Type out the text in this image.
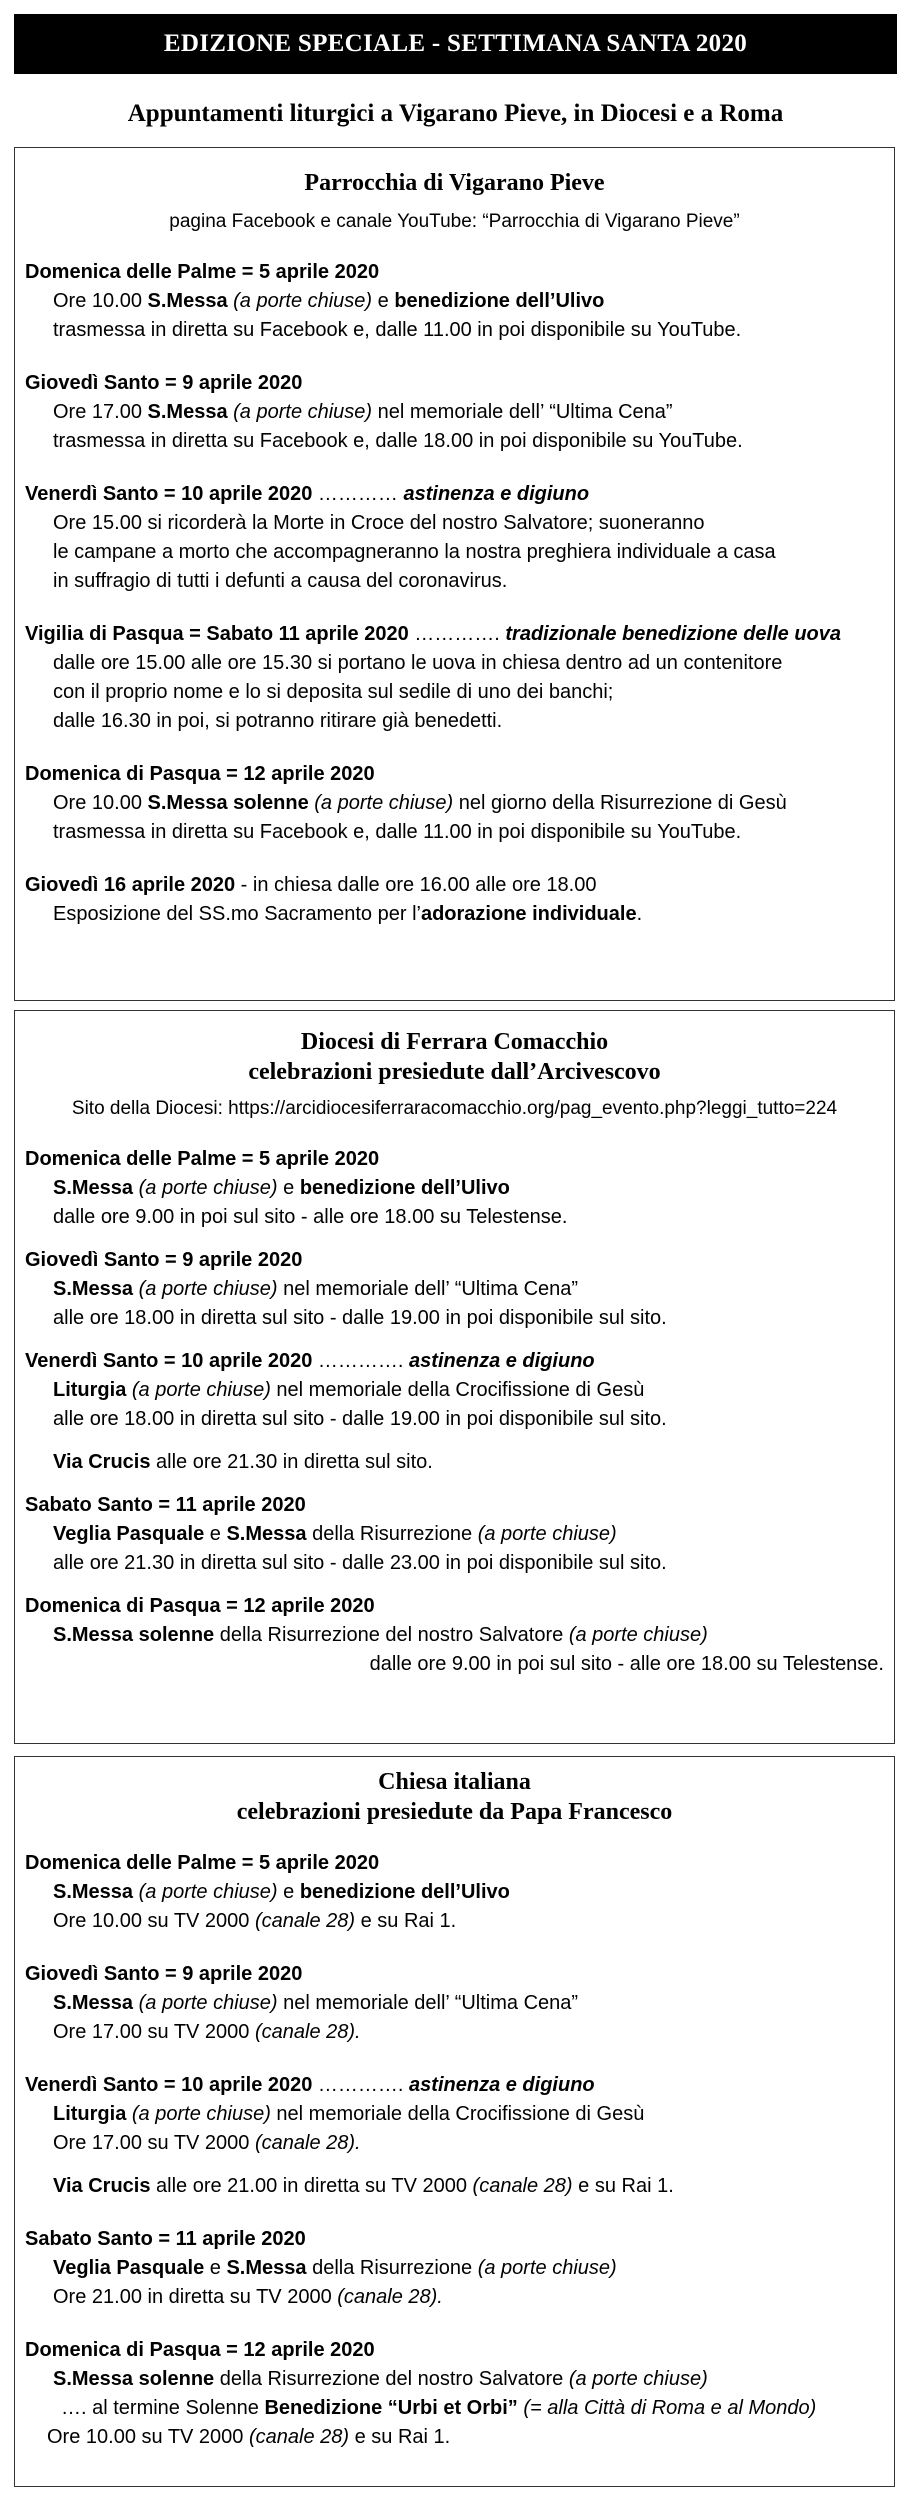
EDIZIONE SPECIALE - SETTIMANA SANTA 2020
Appuntamenti liturgici a Vigarano Pieve, in Diocesi e a Roma
Parrocchia di Vigarano Pieve
pagina Facebook e canale YouTube: “Parrocchia di Vigarano Pieve”
Domenica delle Palme = 5 aprile 2020
Ore 10.00 S.Messa (a porte chiuse) e benedizione dell’Ulivo
trasmessa in diretta su Facebook e, dalle 11.00 in poi disponibile su YouTube.
Giovedì Santo = 9 aprile 2020
Ore 17.00 S.Messa (a porte chiuse) nel memoriale dell’ “Ultima Cena”
trasmessa in diretta su Facebook e, dalle 18.00 in poi disponibile su YouTube.
Venerdì Santo = 10 aprile 2020 ………… astinenza e digiuno
Ore 15.00 si ricorderà la Morte in Croce del nostro Salvatore; suoneranno
le campane a morto che accompagneranno la nostra preghiera individuale a casa
in suffragio di tutti i defunti a causa del coronavirus.
Vigilia di Pasqua = Sabato 11 aprile 2020 …………. tradizionale benedizione delle uova
dalle ore 15.00 alle ore 15.30 si portano le uova in chiesa dentro ad un contenitore
con il proprio nome e lo si deposita sul sedile di uno dei banchi;
dalle 16.30 in poi, si potranno ritirare già benedetti.
Domenica di Pasqua = 12 aprile 2020
Ore 10.00 S.Messa solenne (a porte chiuse) nel giorno della Risurrezione di Gesù
trasmessa in diretta su Facebook e, dalle 11.00 in poi disponibile su YouTube.
Giovedì 16 aprile 2020 - in chiesa dalle ore 16.00 alle ore 18.00
Esposizione del SS.mo Sacramento per l’adorazione individuale.
Diocesi di Ferrara Comacchio
celebrazioni presiedute dall’Arcivescovo
Sito della Diocesi: https://arcidiocesiferraracomacchio.org/pag_evento.php?leggi_tutto=224
Domenica delle Palme = 5 aprile 2020
S.Messa (a porte chiuse) e benedizione dell’Ulivo
dalle ore 9.00 in poi sul sito - alle ore 18.00 su Telestense.
Giovedì Santo = 9 aprile 2020
S.Messa (a porte chiuse) nel memoriale dell’ “Ultima Cena”
alle ore 18.00 in diretta sul sito - dalle 19.00 in poi disponibile sul sito.
Venerdì Santo = 10 aprile 2020 …………. astinenza e digiuno
Liturgia (a porte chiuse) nel memoriale della Crocifissione di Gesù
alle ore 18.00 in diretta sul sito - dalle 19.00 in poi disponibile sul sito.
Via Crucis alle ore 21.30 in diretta sul sito.
Sabato Santo = 11 aprile 2020
Veglia Pasquale e S.Messa della Risurrezione (a porte chiuse)
alle ore 21.30 in diretta sul sito - dalle 23.00 in poi disponibile sul sito.
Domenica di Pasqua = 12 aprile 2020
S.Messa solenne della Risurrezione del nostro Salvatore (a porte chiuse)
dalle ore 9.00 in poi sul sito - alle ore 18.00 su Telestense.
Chiesa italiana
celebrazioni presiedute da Papa Francesco
Domenica delle Palme = 5 aprile 2020
S.Messa (a porte chiuse) e benedizione dell’Ulivo
Ore 10.00 su TV 2000 (canale 28) e su Rai 1.
Giovedì Santo = 9 aprile 2020
S.Messa (a porte chiuse) nel memoriale dell’ “Ultima Cena”
Ore 17.00 su TV 2000 (canale 28).
Venerdì Santo = 10 aprile 2020 …………. astinenza e digiuno
Liturgia (a porte chiuse) nel memoriale della Crocifissione di Gesù
Ore 17.00 su TV 2000 (canale 28).
Via Crucis alle ore 21.00 in diretta su TV 2000 (canale 28) e su Rai 1.
Sabato Santo = 11 aprile 2020
Veglia Pasquale e S.Messa della Risurrezione (a porte chiuse)
Ore 21.00 in diretta su TV 2000 (canale 28).
Domenica di Pasqua = 12 aprile 2020
S.Messa solenne della Risurrezione del nostro Salvatore (a porte chiuse)
…. al termine Solenne Benedizione “Urbi et Orbi” (= alla Città di Roma e al Mondo)
Ore 10.00 su TV 2000 (canale 28) e su Rai 1.
